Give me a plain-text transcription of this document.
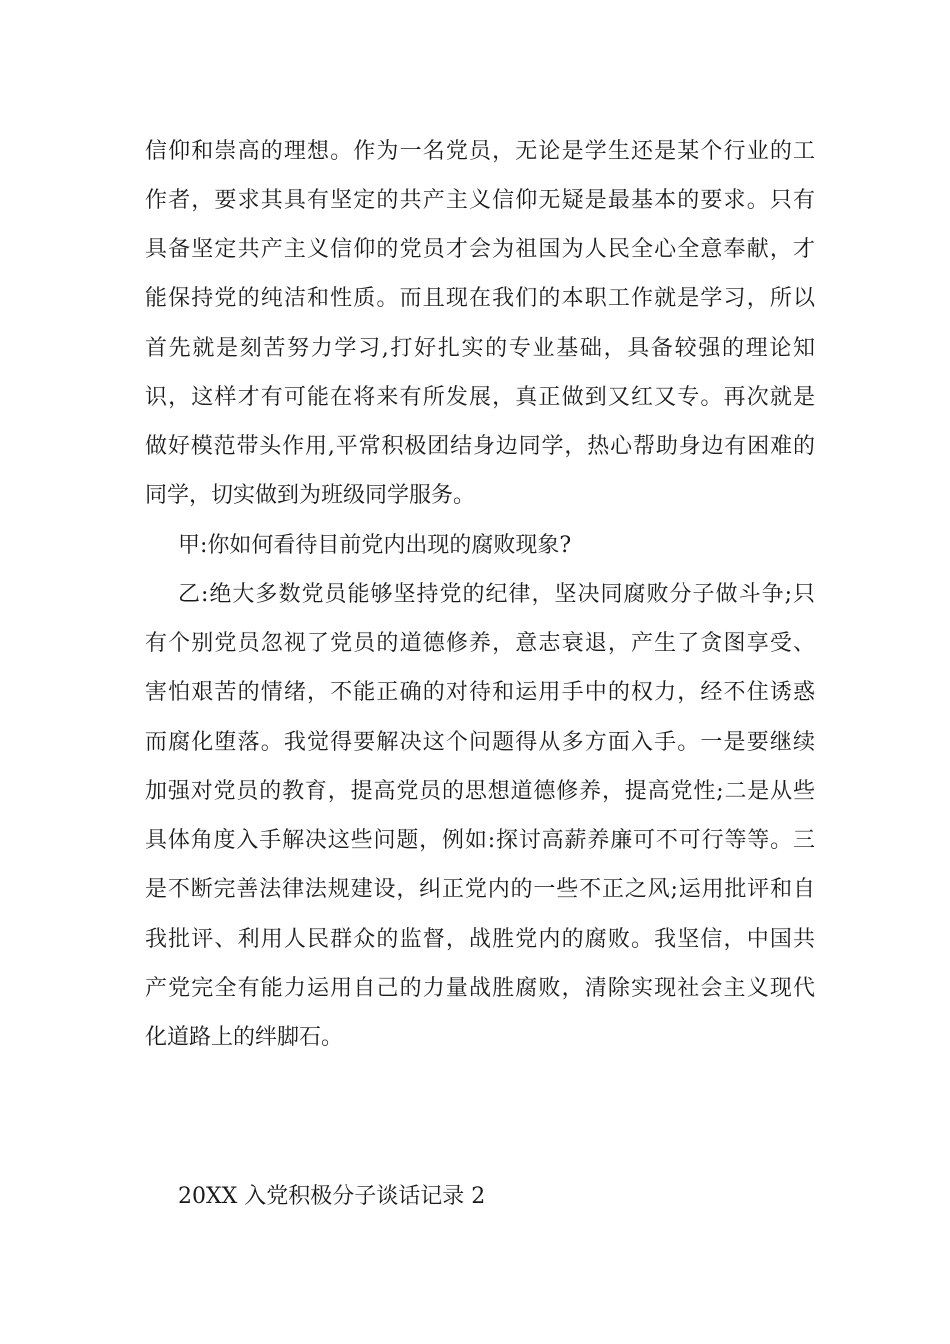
信仰和崇高的理想。作为一名党员，无论是学生还是某个行业的工
作者，要求其具有坚定的共产主义信仰无疑是最基本的要求。只有
具备坚定共产主义信仰的党员才会为祖国为人民全心全意奉献，才
能保持党的纯洁和性质。而且现在我们的本职工作就是学习，所以
首先就是刻苦努力学习,打好扎实的专业基础，具备较强的理论知
识，这样才有可能在将来有所发展，真正做到又红又专。再次就是
做好模范带头作用,平常积极团结身边同学，热心帮助身边有困难的
同学，切实做到为班级同学服务。
甲:你如何看待目前党内出现的腐败现象?
乙:绝大多数党员能够坚持党的纪律，坚决同腐败分子做斗争;只
有个别党员忽视了党员的道德修养，意志衰退，产生了贪图享受、
害怕艰苦的情绪，不能正确的对待和运用手中的权力，经不住诱惑
而腐化堕落。我觉得要解决这个问题得从多方面入手。一是要继续
加强对党员的教育，提高党员的思想道德修养，提高党性;二是从些
具体角度入手解决这些问题，例如:探讨高薪养廉可不可行等等。三
是不断完善法律法规建设，纠正党内的一些不正之风;运用批评和自
我批评、利用人民群众的监督，战胜党内的腐败。我坚信，中国共
产党完全有能力运用自己的力量战胜腐败，清除实现社会主义现代
化道路上的绊脚石。
20XX 入党积极分子谈话记录 2
